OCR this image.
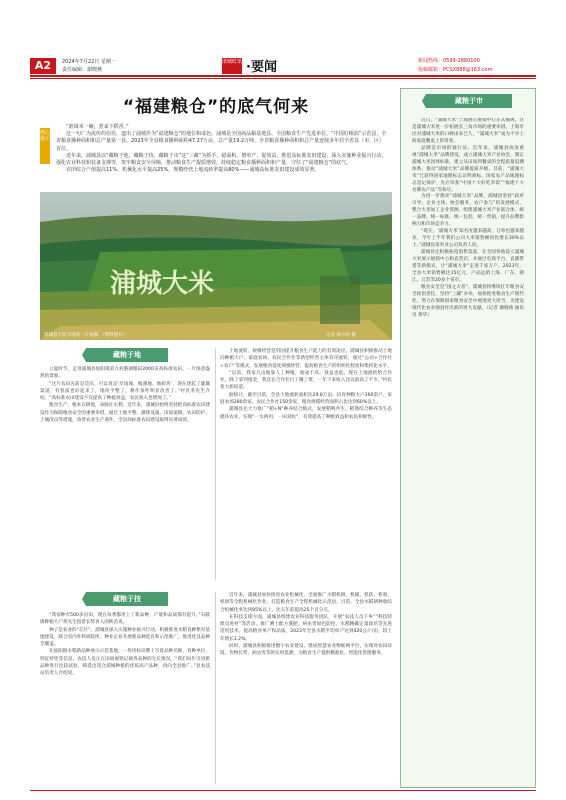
A2	2024年7月22日 星期一
责任编辑：谢晓燕
清城时讯 ·要闻	新闻热线：0599-2880100
投稿邮箱：PCSX888@163.com
“福建粮仓”的底气何来
核心提示

“谁域米一碗，煮来下稻香。”

这一句广为流传的俗语，道出了浦城作为“福建粮仓”的地位和成色。浦城是全国商品粮基地县、全国粮食生产先进单位、“中国好粮油”示范县，全省粮食播种面积和总产量第一县。2023年全县粮食播种面积47.27万亩，总产量19.2万吨，全省粮食播种面积和总产量连续多年居全省县（市、区）首位。

近年来，浦城县以“藏粮于地、藏粮于技、藏粮于市”这“三藏”为抓手，稳面积、增单产、促效益，推进高标准农田建设，深入实施种业振兴行动，强化农业科技和装备支撑等，筑牢粮食安全屏障，推动粮食生产提质增效，持续稳定粮食播种面积和产量，守住了“福建粮仓”的底气。

农田综合产值提高11%，机械化水平提高25%，规模经营土地流转率提高80%——浦城高标准农田建设成效显著。

浦城大米
浦城县丰收节现场一片欢腾。（资料图片）	记者 林小明 摄
藏粮于地

立夏时节，走进浦城县仙阳镇第九村港湖粮田2000亩高标准农田，一片绿意盎然的景象。

“这片农田先前是荒田，可以说是‘旱岗坡、瘦薄地、地碎块’，现在建起了灌溉渠道，有机质也好起来了，地块平整了，耕作条件明显改善了。”村民李先生介绍，“高标准农田建设不仅提高了种植效益，农民收入也增加了。”

粮食生产，根本在耕地，命脉在水利。近年来，浦城县始终坚持把高标准农田建设作为保障粮食安全的重要举措，通过土地平整、灌排设施、田间道路、农田防护、土壤改良等措施，改善农业生产条件，全县高标准农田建设取得显著成效。

土地流转、规模经营是巩固提升粮食生产能力的有效途径。浦城县积极推动土地向种粮大户、家庭农场、农民合作社等新型经营主体有序流转，通过“公司+合作社+农户”等模式，发展粮食适度规模经营，提高粮食生产的组织化程度和集约化水平。

“以前，我家几亩地靠人工种植，收成不高，效益也低。现在土地流转给合作社，除了拿到租金，我还在合作社打工赚工资，一年下来收入比以前高了不少。”村民张大姐说道。

据统计，截至目前，全县土地流转面积达29.8万亩，培育种粮大户360余户、家庭农场280余家、农民合作社150余家，粮食规模经营面积占比达到60%以上。

浦城县还大力推广“稻+N”种养结合模式，发展稻鸭共生、稻渔综合种养等生态循环农业，实现“一水两用、一田双收”，有效提高了种粮效益和农民积极性。

藏粮于技

“我家种有500多亩田，现在每季都用上了新品种，产量和品质都有提升。”石陂镇种粮大户黄先生指着长势喜人的秧苗说。

种子是农业的“芯片”。浦城县深入实施种业振兴行动，积极推进水稻良种繁育基地建设，联合省内外科研院所、种业企业开展新品种选育和示范推广，推进优良品种全覆盖。

在仙阳镇水稻新品种展示示范基地，一块块标识牌上写着品种名称、育种单位、特征特性等信息，农技人员正在田间观察记载各品种的生长情况。“我们每年引进新品种进行比较试验，筛选出适合浦城种植的优质高产品种，再向全县推广。”县农技站负责人介绍说。

近年来，浦城县加快推进农业机械化，全面推广水稻机耕、机插、机防、机收、机烘等全程机械化作业，打造粮食生产全程机械化示范县。目前，全县水稻耕种收综合机械化率达到85%以上，比五年前提高25个百分点。

在科技支撑方面，浦城县组建农业科技服务团队，开展“农技人员下乡”“科技特派员进村”等活动，推广测土配方施肥、病虫害绿色防控、水稻精确定量栽培等先进适用技术，提高粮食单产和品质。2023年全县水稻平均单产达到420公斤/亩，较上年增长3.2%。

同时，浦城县积极推进数字农业建设，建成智慧农业物联网平台，实现对农田环境、作物长势、病虫害等的实时监测，为粮食生产提供精准化、智能化管理服务。

藏粮于市

近日，“浦城大米”上海展示展销中心正式揭牌，这是浦城大米进一步拓展长三角市场的重要举措。上海市民对浦城大米的口碑由来已久，“浦城大米”成为不少上海家庭餐桌上的常客。

品牌是市场的通行证。近年来，浦城县高度重视“浦城大米”品牌建设，成立浦城大米产业协会，制定浦城大米团体标准，建立从田间到餐桌的全程质量追溯体系，推动“浦城大米”品牌提质升级。目前，“浦城大米”已获得国家地理标志证明商标、国家农产品地理标志登记保护，先后荣获“中国十大好吃米饭”“福建十大名牌农产品”等称号。

为进一步擦亮“浦城大米”品牌，浦城县坚持“政府引导、企业主体、协会服务、农户参与”的发展模式，整合大米加工企业资源，组建浦城大米产业联合体，统一品牌、统一标准、统一包装、统一营销，提升品牌影响力和市场竞争力。

“现在，‘浦城大米’知名度越来越高，订单也越来越多，今年上半年我们公司大米销售额同比增长30%以上。”浦城县某米业公司负责人说。

浦城县还积极拓宽销售渠道，在全国各地设立浦城大米展示展销中心和直营店，并通过电商平台、直播带货等新模式，让“浦城大米”走进千家万户。2023年，全县大米销售额达15亿元，产品远销上海、广东、浙江、江苏等20多个省市。

粮食安全是“国之大者”。浦城县将继续扛牢粮食安全政治责任，坚持“三藏”并举，加快推进粮食生产现代化，努力在保障国家粮食安全中展现更大担当，为建设现代化农业强县作出新的更大贡献。（记者 谢晓燕 通讯员 黄华）
